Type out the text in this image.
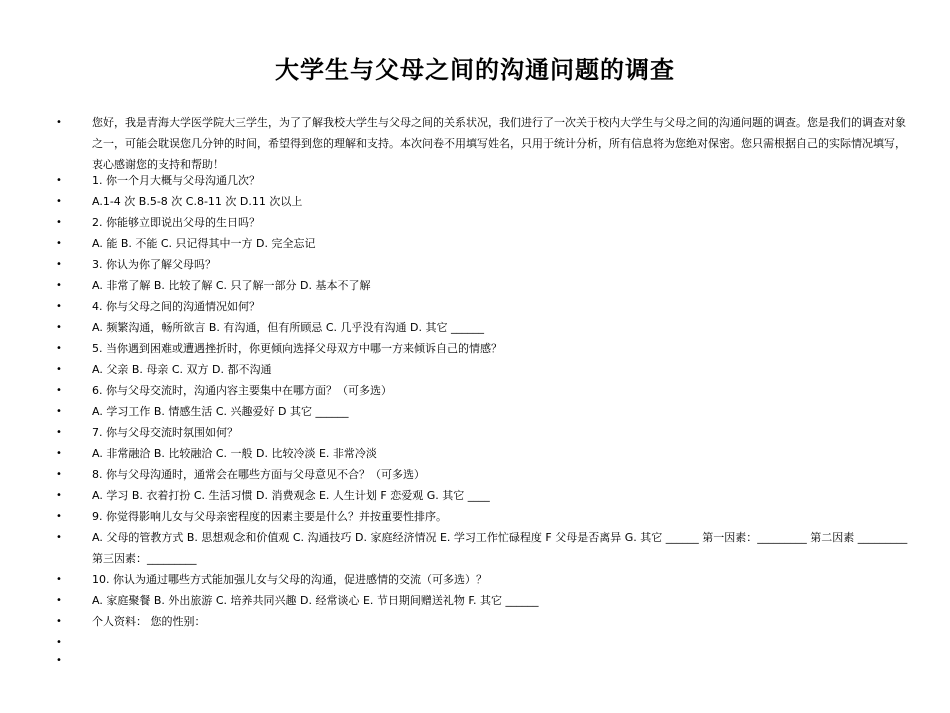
大学生与父母之间的沟通问题的调查
•	您好，我是青海大学医学院大三学生，为了了解我校大学生与父母之间的关系状况，我们进行了一次关于校内大学生与父母之间的沟通问题的调查。您是我们的调查对象之一，可能会耽误您几分钟的时间，希望得到您的理解和支持。本次问卷不用填写姓名，只用于统计分析，所有信息将为您绝对保密。您只需根据自己的实际情况填写，衷心感谢您的支持和帮助！
•	1. 你一个月大概与父母沟通几次？
•	A.1-4 次 B.5-8 次 C.8-11 次 D.11 次以上
•	2. 你能够立即说出父母的生日吗？
•	A. 能 B. 不能 C. 只记得其中一方 D. 完全忘记
•	3. 你认为你了解父母吗？
•	A. 非常了解 B. 比较了解 C. 只了解一部分 D. 基本不了解
•	4. 你与父母之间的沟通情况如何？
•	A. 频繁沟通，畅所欲言 B. 有沟通，但有所顾忌 C. 几乎没有沟通 D. 其它 ______
•	5. 当你遇到困难或遭遇挫折时，你更倾向选择父母双方中哪一方来倾诉自己的情感？
•	A. 父亲 B. 母亲 C. 双方 D. 都不沟通
•	6. 你与父母交流时，沟通内容主要集中在哪方面？（可多选）
•	A. 学习工作 B. 情感生活 C. 兴趣爱好 D 其它 ______
•	7. 你与父母交流时氛围如何？
•	A. 非常融洽 B. 比较融洽 C. 一般 D. 比较冷淡 E. 非常冷淡
•	8. 你与父母沟通时，通常会在哪些方面与父母意见不合？（可多选）
•	A. 学习 B. 衣着打扮 C. 生活习惯 D. 消费观念 E. 人生计划 F 恋爱观 G. 其它 ____
•	9. 你觉得影响儿女与父母亲密程度的因素主要是什么？并按重要性排序。
•	A. 父母的管教方式 B. 思想观念和价值观 C. 沟通技巧 D. 家庭经济情况 E. 学习工作忙碌程度 F 父母是否离异 G. 其它 ______ 第一因素：_________ 第二因素 _________ 第三因素：_________
•	10. 你认为通过哪些方式能加强儿女与父母的沟通，促进感情的交流（可多选）？
•	A. 家庭聚餐 B. 外出旅游 C. 培养共同兴趣 D. 经常谈心 E. 节日期间赠送礼物 F. 其它 ______
•	个人资料： 您的性别：
•
•
